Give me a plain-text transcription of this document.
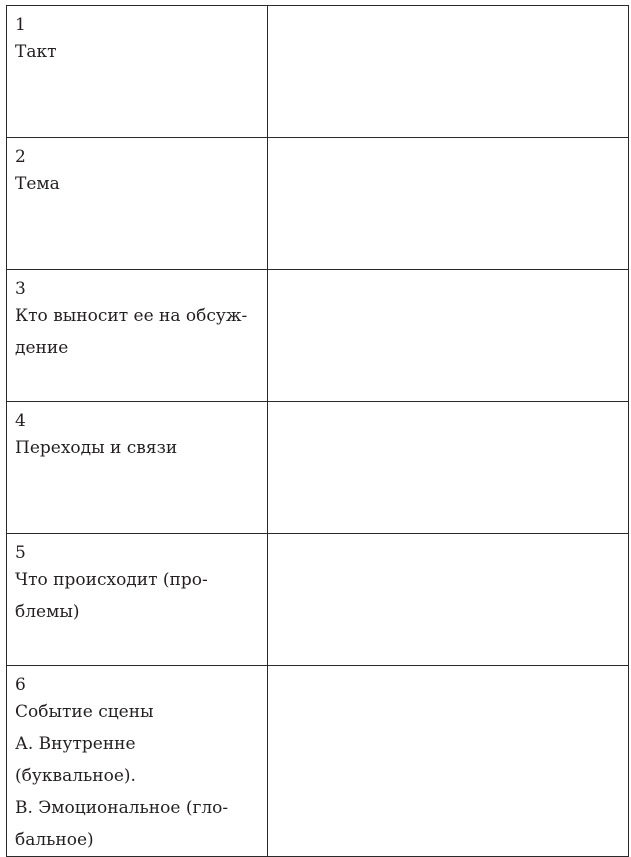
1
Такт	

2
Тема	

3
Кто выносит ее на обсуж-
дение	

4
Переходы и связи	

5
Что происходит (про-
блемы)	

6
Событие сцены
А. Внутренне (буквальное).
В. Эмоциональное (гло-
бальное)	
